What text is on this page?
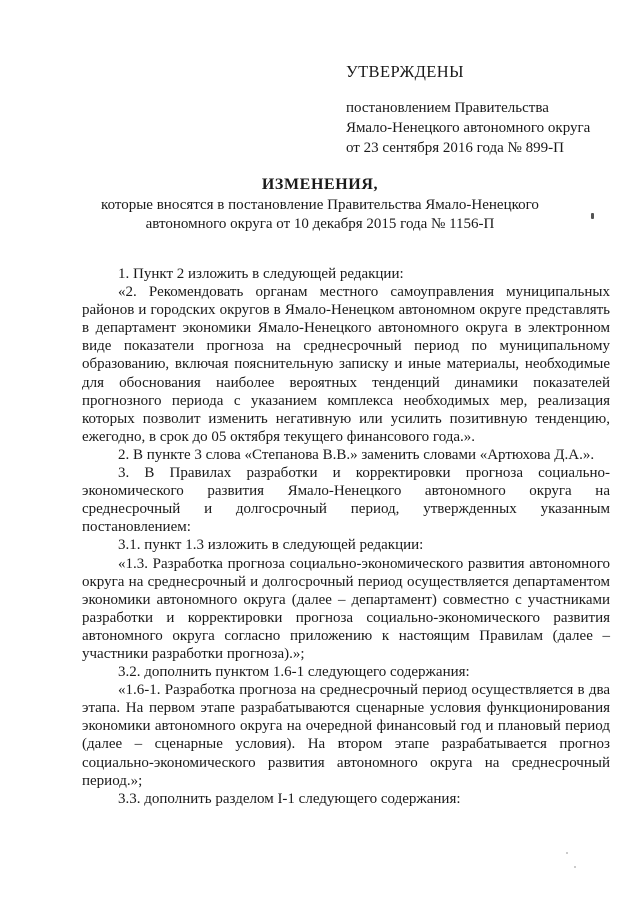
УТВЕРЖДЕНЫ
постановлением Правительства
Ямало-Ненецкого автономного округа
от 23 сентября 2016 года № 899-П
ИЗМЕНЕНИЯ,
которые вносятся в постановление Правительства Ямало-Ненецкого
автономного округа от 10 декабря 2015 года № 1156-П

1. Пункт 2 изложить в следующей редакции:

«2. Рекомендовать органам местного самоуправления муниципальных районов и городских округов в Ямало-Ненецком автономном округе представлять в департамент экономики Ямало-Ненецкого автономного округа в электронном виде показатели прогноза на среднесрочный период по муниципальному образованию, включая пояснительную записку и иные материалы, необходимые для обоснования наиболее вероятных тенденций динамики показателей прогнозного периода с указанием комплекса необходимых мер, реализация которых позволит изменить негативную или усилить позитивную тенденцию, ежегодно, в срок до 05 октября текущего финансового года.».

2. В пункте 3 слова «Степанова В.В.» заменить словами «Артюхова Д.А.».

3. В Правилах разработки и корректировки прогноза социально-экономического развития Ямало-Ненецкого автономного округа на среднесрочный и долгосрочный период, утвержденных указанным постановлением:

3.1. пункт 1.3 изложить в следующей редакции:

«1.3. Разработка прогноза социально-экономического развития автономного округа на среднесрочный и долгосрочный период осуществляется департаментом экономики автономного округа (далее – департамент) совместно с участниками разработки и корректировки прогноза социально-экономического развития автономного округа согласно приложению к настоящим Правилам (далее – участники разработки прогноза).»;

3.2. дополнить пунктом 1.6-1 следующего содержания:

«1.6-1. Разработка прогноза на среднесрочный период осуществляется в два этапа. На первом этапе разрабатываются сценарные условия функционирования экономики автономного округа на очередной финансовый год и плановый период (далее – сценарные условия). На втором этапе разрабатывается прогноз социально-экономического развития автономного округа на среднесрочный период.»;

3.3. дополнить разделом I-1 следующего содержания:
